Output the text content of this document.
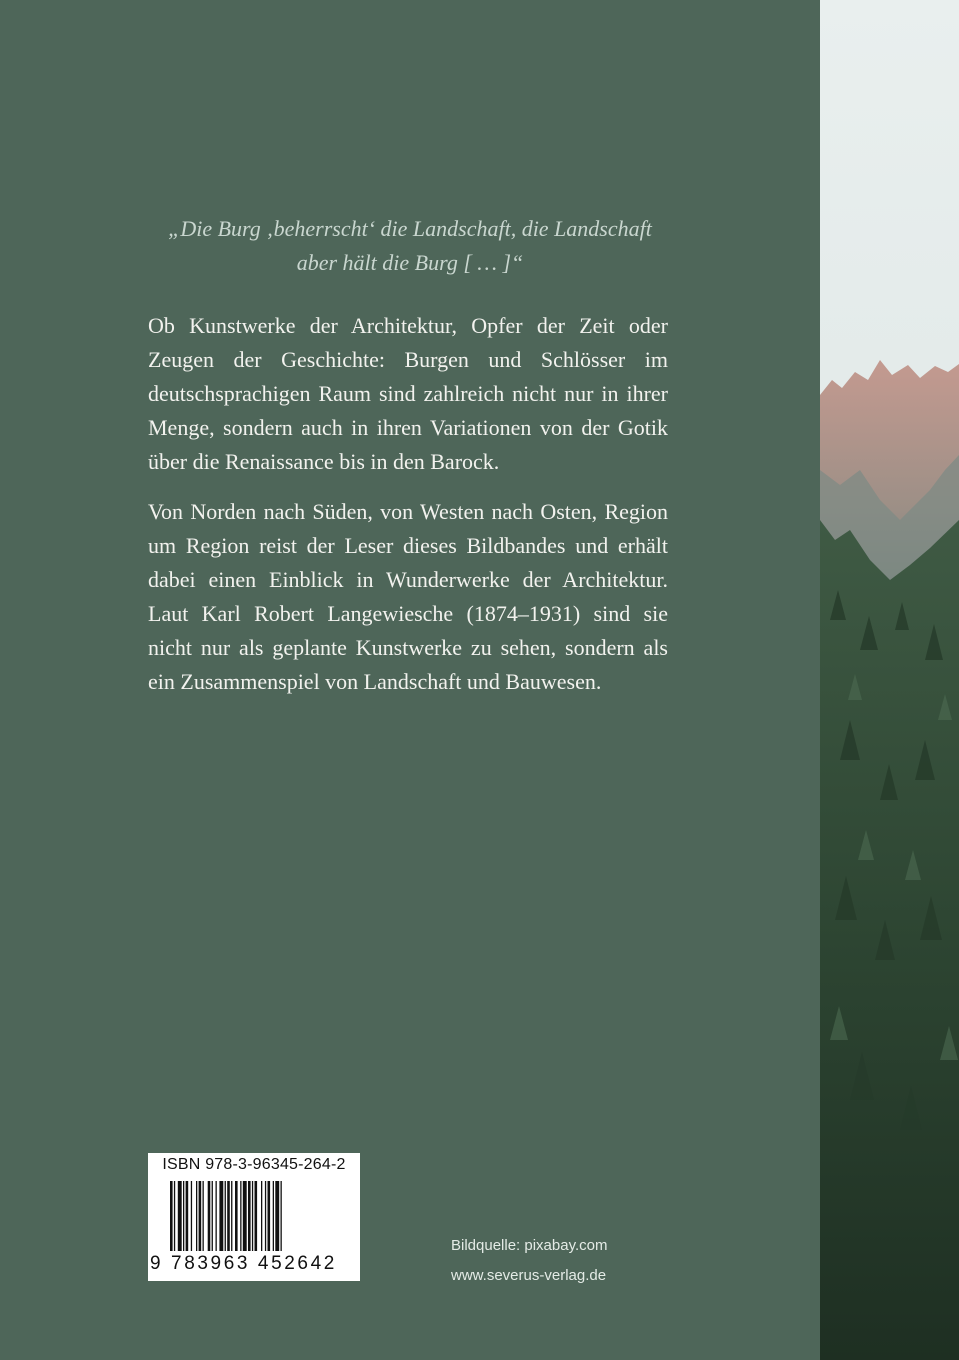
„Die Burg ‚beherrscht‘ die Landschaft, die Landschaft
aber hält die Burg [ … ]“

Ob Kunstwerke der Architektur, Opfer der Zeit oder Zeugen der Geschichte: Burgen und Schlösser im deutschsprachigen Raum sind zahlreich nicht nur in ihrer Menge, sondern auch in ihren Variationen von der Gotik über die Renaissance bis in den Barock.

Von Norden nach Süden, von Westen nach Osten, Region um Region reist der Leser dieses Bildbandes und erhält dabei einen Einblick in Wunderwerke der Architektur. Laut Karl Robert Langewiesche (1874–1931) sind sie nicht nur als geplante Kunstwerke zu sehen, sondern als ein Zusammenspiel von Landschaft und Bauwesen.

ISBN 978-3-96345-264-2
9 783963 452642

Bildquelle: pixabay.com

www.severus-verlag.de
